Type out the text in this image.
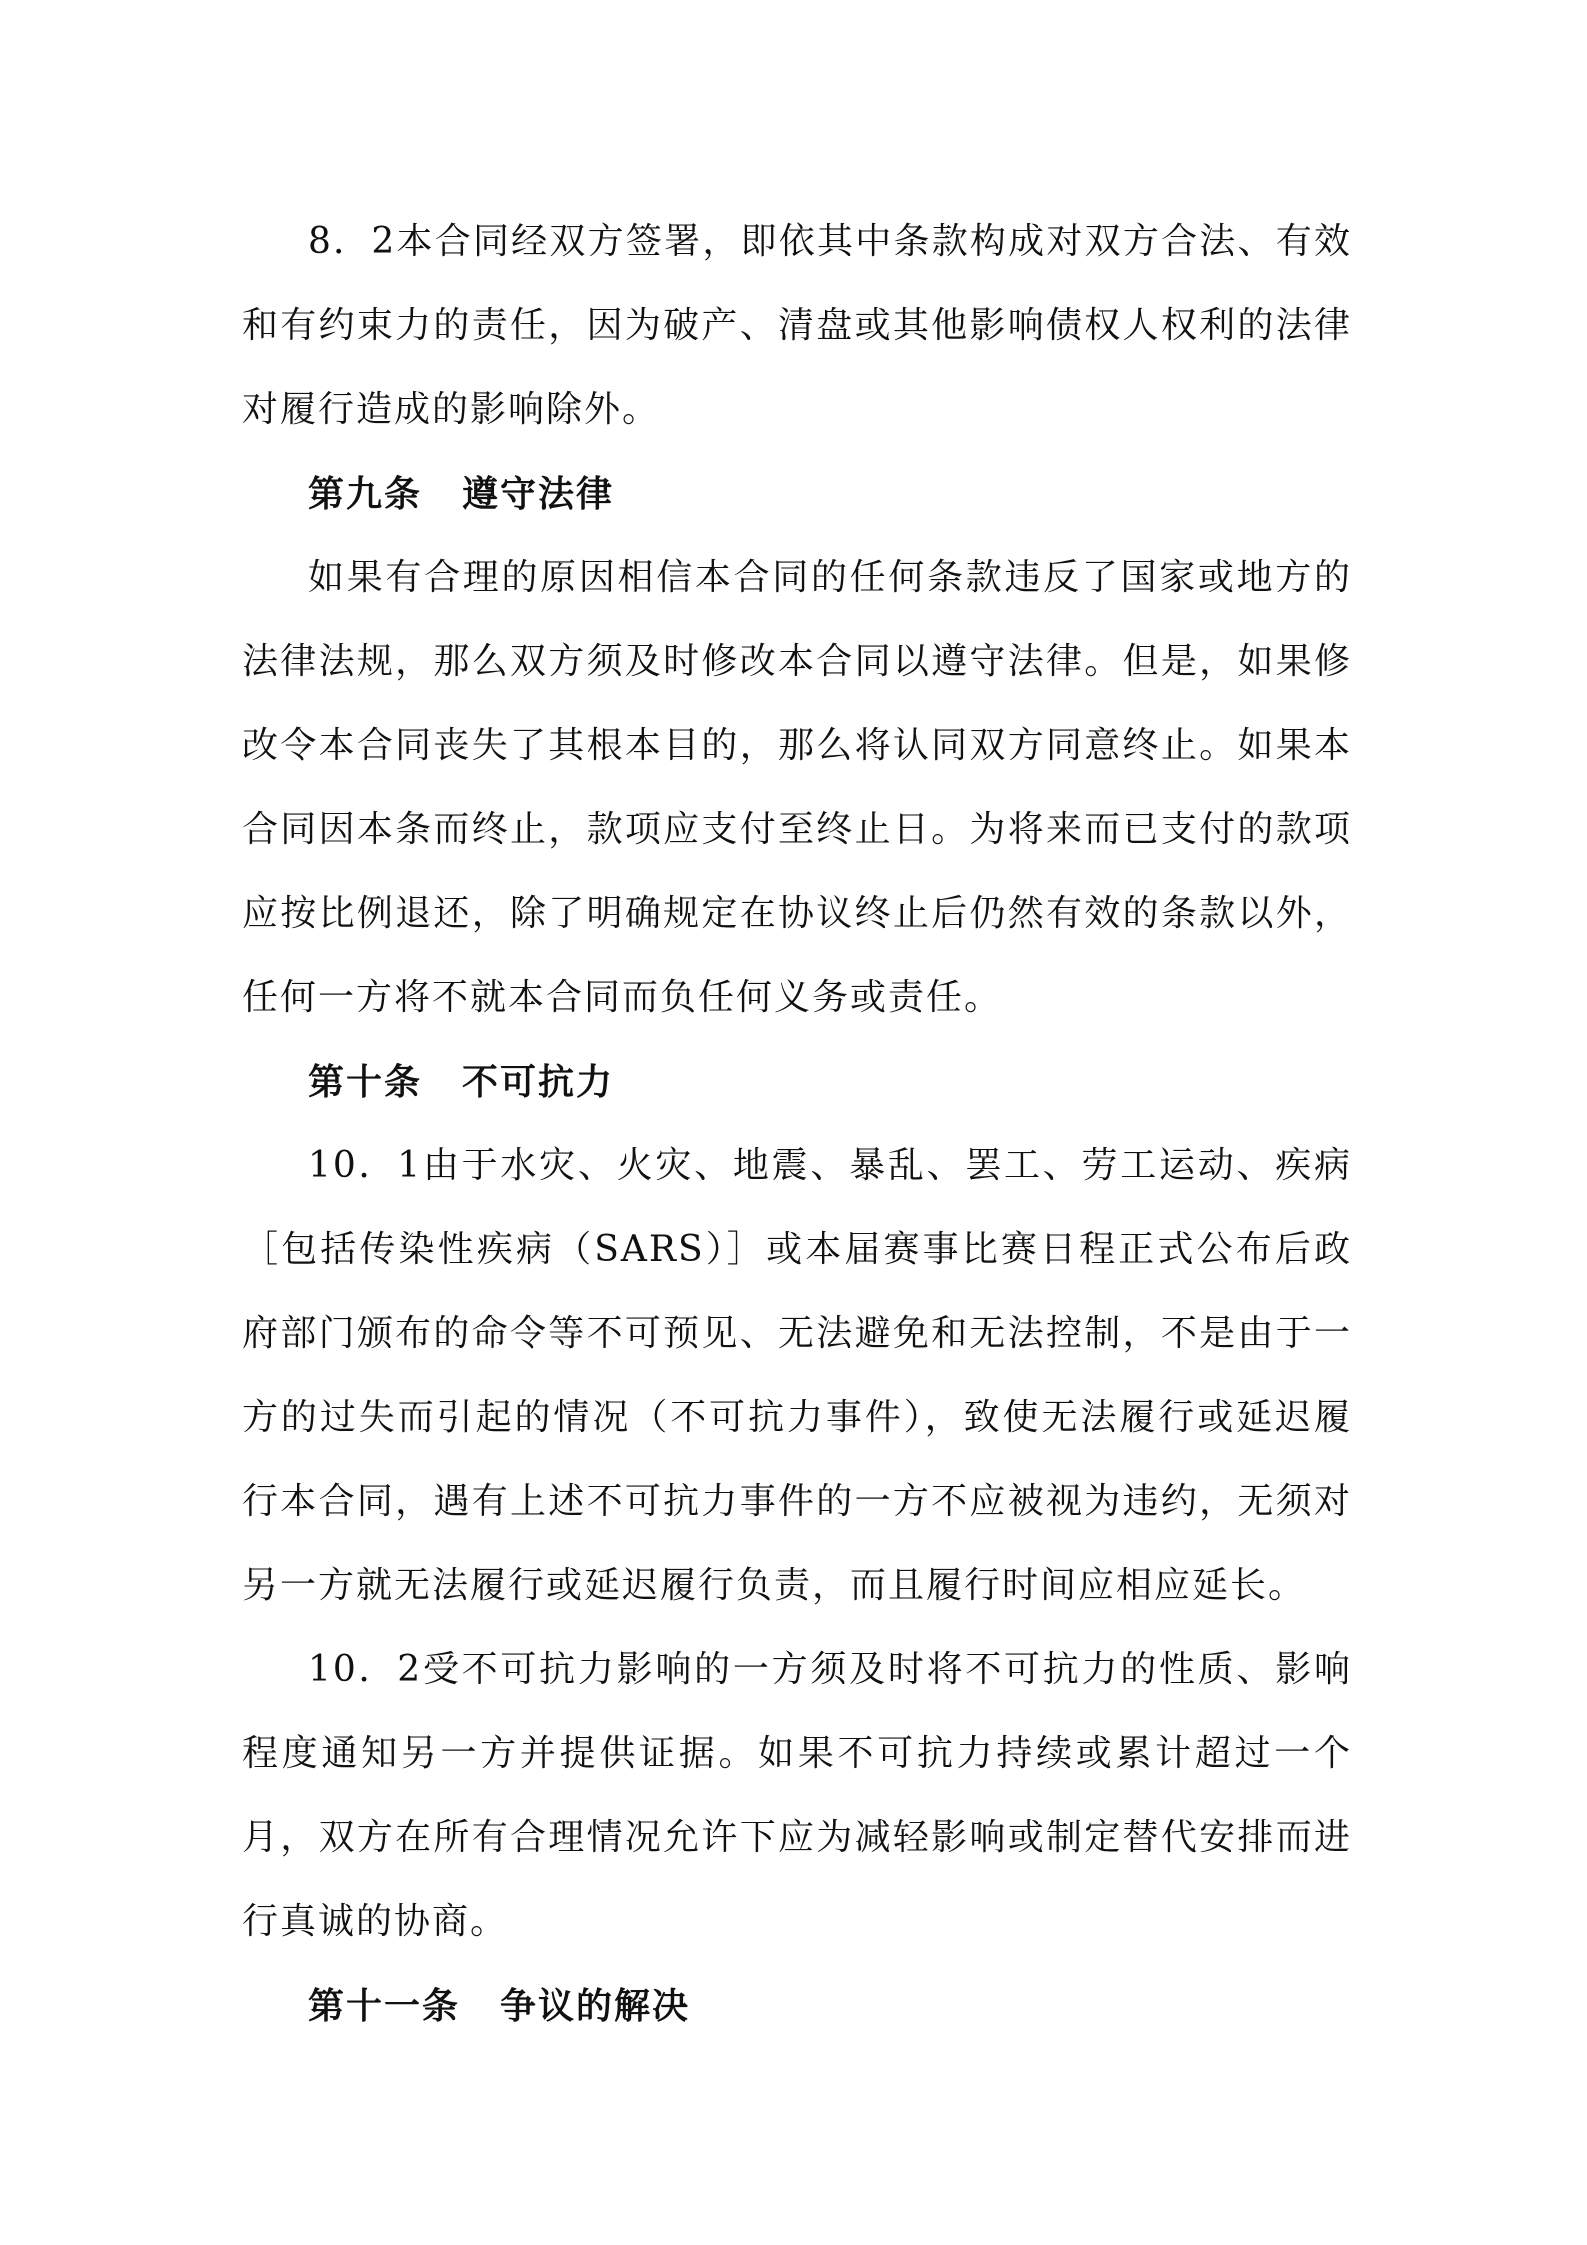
8．2本合同经双方签署，即依其中条款构成对双方合法、有效和有约束力的责任，因为破产、清盘或其他影响债权人权利的法律对履行造成的影响除外。

第九条 遵守法律

如果有合理的原因相信本合同的任何条款违反了国家或地方的法律法规，那么双方须及时修改本合同以遵守法律。但是，如果修改令本合同丧失了其根本目的，那么将认同双方同意终止。如果本合同因本条而终止，款项应支付至终止日。为将来而已支付的款项应按比例退还，除了明确规定在协议终止后仍然有效的条款以外，任何一方将不就本合同而负任何义务或责任。

第十条 不可抗力

10．1由于水灾、火灾、地震、暴乱、罢工、劳工运动、疾病［包括传染性疾病（SARS）］或本届赛事比赛日程正式公布后政府部门颁布的命令等不可预见、无法避免和无法控制，不是由于一方的过失而引起的情况（不可抗力事件），致使无法履行或延迟履行本合同，遇有上述不可抗力事件的一方不应被视为违约，无须对另一方就无法履行或延迟履行负责，而且履行时间应相应延长。

10．2受不可抗力影响的一方须及时将不可抗力的性质、影响程度通知另一方并提供证据。如果不可抗力持续或累计超过一个月，双方在所有合理情况允许下应为减轻影响或制定替代安排而进行真诚的协商。

第十一条 争议的解决
